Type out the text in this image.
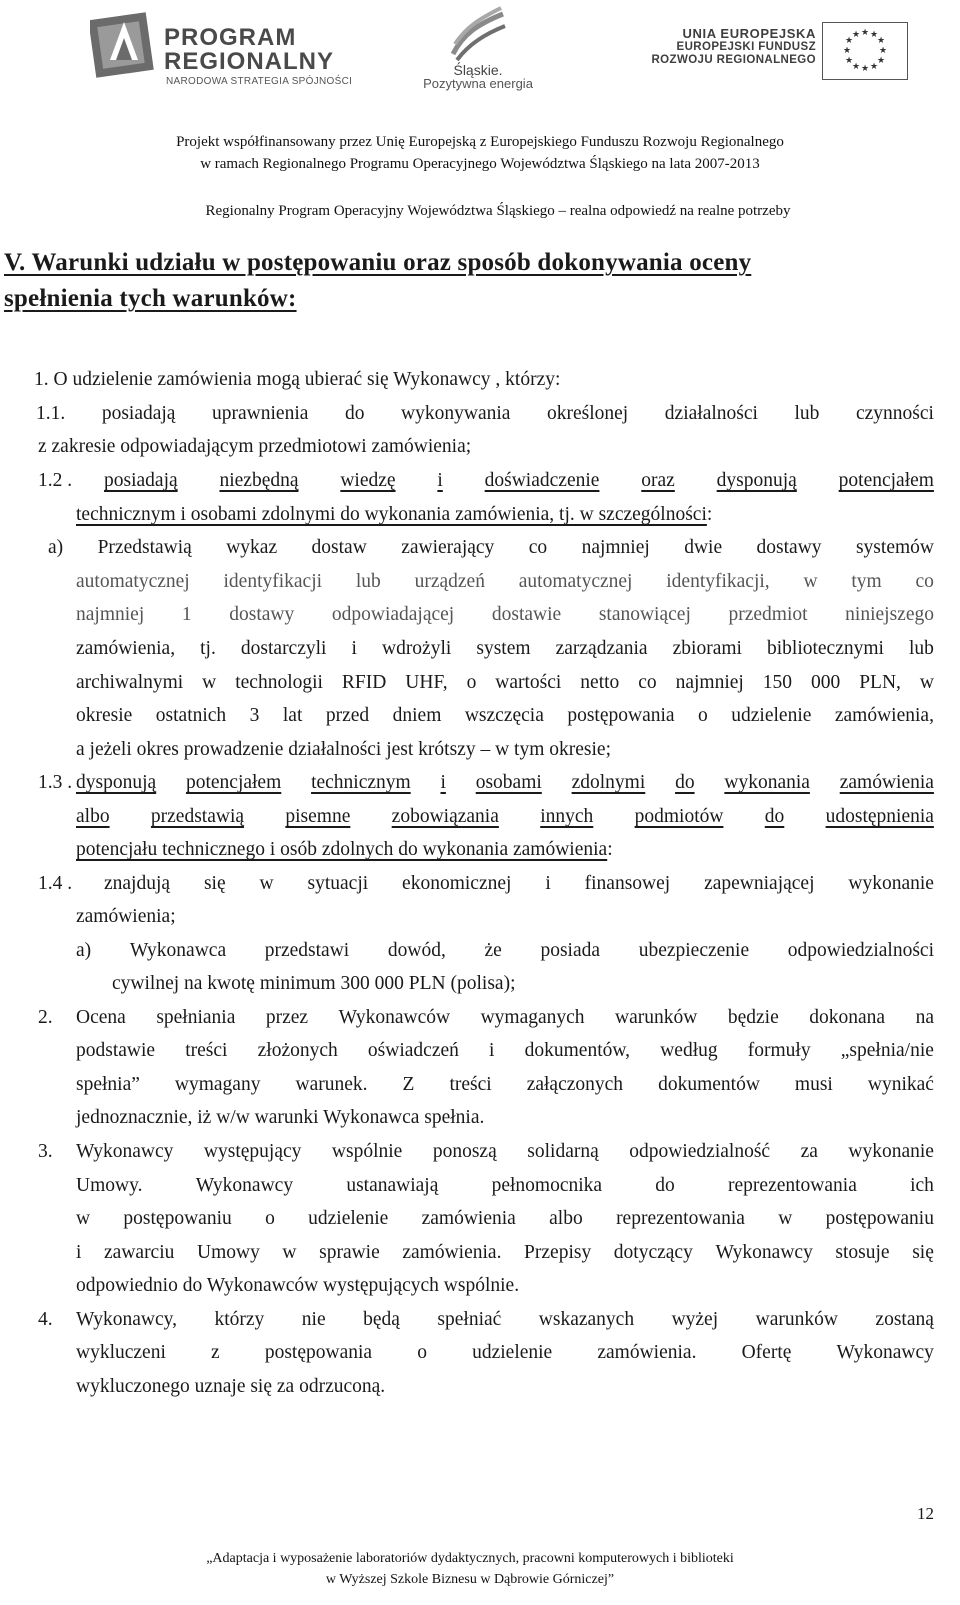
PROGRAM
REGIONALNY
NARODOWA STRATEGIA SPÓJNOŚCI
Śląskie.
Pozytywna energia
UNIA EUROPEJSKA
EUROPEJSKI FUNDUSZ
ROZWOJU REGIONALNEGO
★ ★
★
★
★
★
★
★
★
★
★
★
Projekt współfinansowany przez Unię Europejską z Europejskiego Funduszu Rozwoju Regionalnego
w ramach Regionalnego Programu Operacyjnego Województwa Śląskiego na lata 2007-2013
Regionalny Program Operacyjny Województwa Śląskiego – realna odpowiedź na realne potrzeby
V. Warunki udziału w postępowaniu oraz sposób dokonywania oceny
spełnienia tych warunków:
1. O udzielenie zamówienia mogą ubierać się Wykonawcy , którzy:
1.1. posiadają uprawnienia do wykonywania określonej działalności lub czynności
z zakresie odpowiadającym przedmiotowi zamówienia;
1.2 . posiadają niezbędną wiedzę i doświadczenie oraz dysponują potencjałem
technicznym i osobami zdolnymi do wykonania zamówienia, tj. w szczególności:
a) Przedstawią wykaz dostaw zawierający co najmniej dwie dostawy systemów
automatycznej identyfikacji lub urządzeń automatycznej identyfikacji, w tym co
najmniej 1 dostawy odpowiadającej dostawie stanowiącej przedmiot niniejszego
zamówienia, tj. dostarczyli i wdrożyli system zarządzania zbiorami bibliotecznymi lub
archiwalnymi w technologii RFID UHF, o wartości netto co najmniej 150 000 PLN, w
okresie ostatnich 3 lat przed dniem wszczęcia postępowania o udzielenie zamówienia,
a jeżeli okres prowadzenie działalności jest krótszy – w tym okresie;
1.3 . dysponują potencjałem technicznym i osobami zdolnymi do wykonania zamówienia
albo przedstawią pisemne zobowiązania innych podmiotów do udostępnienia
potencjału technicznego i osób zdolnych do wykonania zamówienia:
1.4 . znajdują się w sytuacji ekonomicznej i finansowej zapewniającej wykonanie
zamówienia;
a) Wykonawca przedstawi dowód, że posiada ubezpieczenie odpowiedzialności
cywilnej na kwotę minimum 300 000 PLN (polisa);
2. Ocena spełniania przez Wykonawców wymaganych warunków będzie dokonana na
podstawie treści złożonych oświadczeń i dokumentów, według formuły „spełnia/nie
spełnia” wymagany warunek. Z treści załączonych dokumentów musi wynikać
jednoznacznie, iż w/w warunki Wykonawca spełnia.
3. Wykonawcy występujący wspólnie ponoszą solidarną odpowiedzialność za wykonanie
Umowy.	Wykonawcy	ustanawiają	pełnomocnika	do	reprezentowania	ich
w postępowaniu o udzielenie zamówienia albo reprezentowania w postępowaniu
i zawarciu Umowy w sprawie zamówienia. Przepisy dotyczący Wykonawcy stosuje się
odpowiednio do Wykonawców występujących wspólnie.
4. Wykonawcy, którzy nie będą spełniać wskazanych wyżej warunków zostaną
wykluczeni z postępowania o udzielenie zamówienia. Ofertę Wykonawcy
wykluczonego uznaje się za odrzuconą.
12
„Adaptacja i wyposażenie laboratoriów dydaktycznych, pracowni komputerowych i biblioteki
w Wyższej Szkole Biznesu w Dąbrowie Górniczej”
